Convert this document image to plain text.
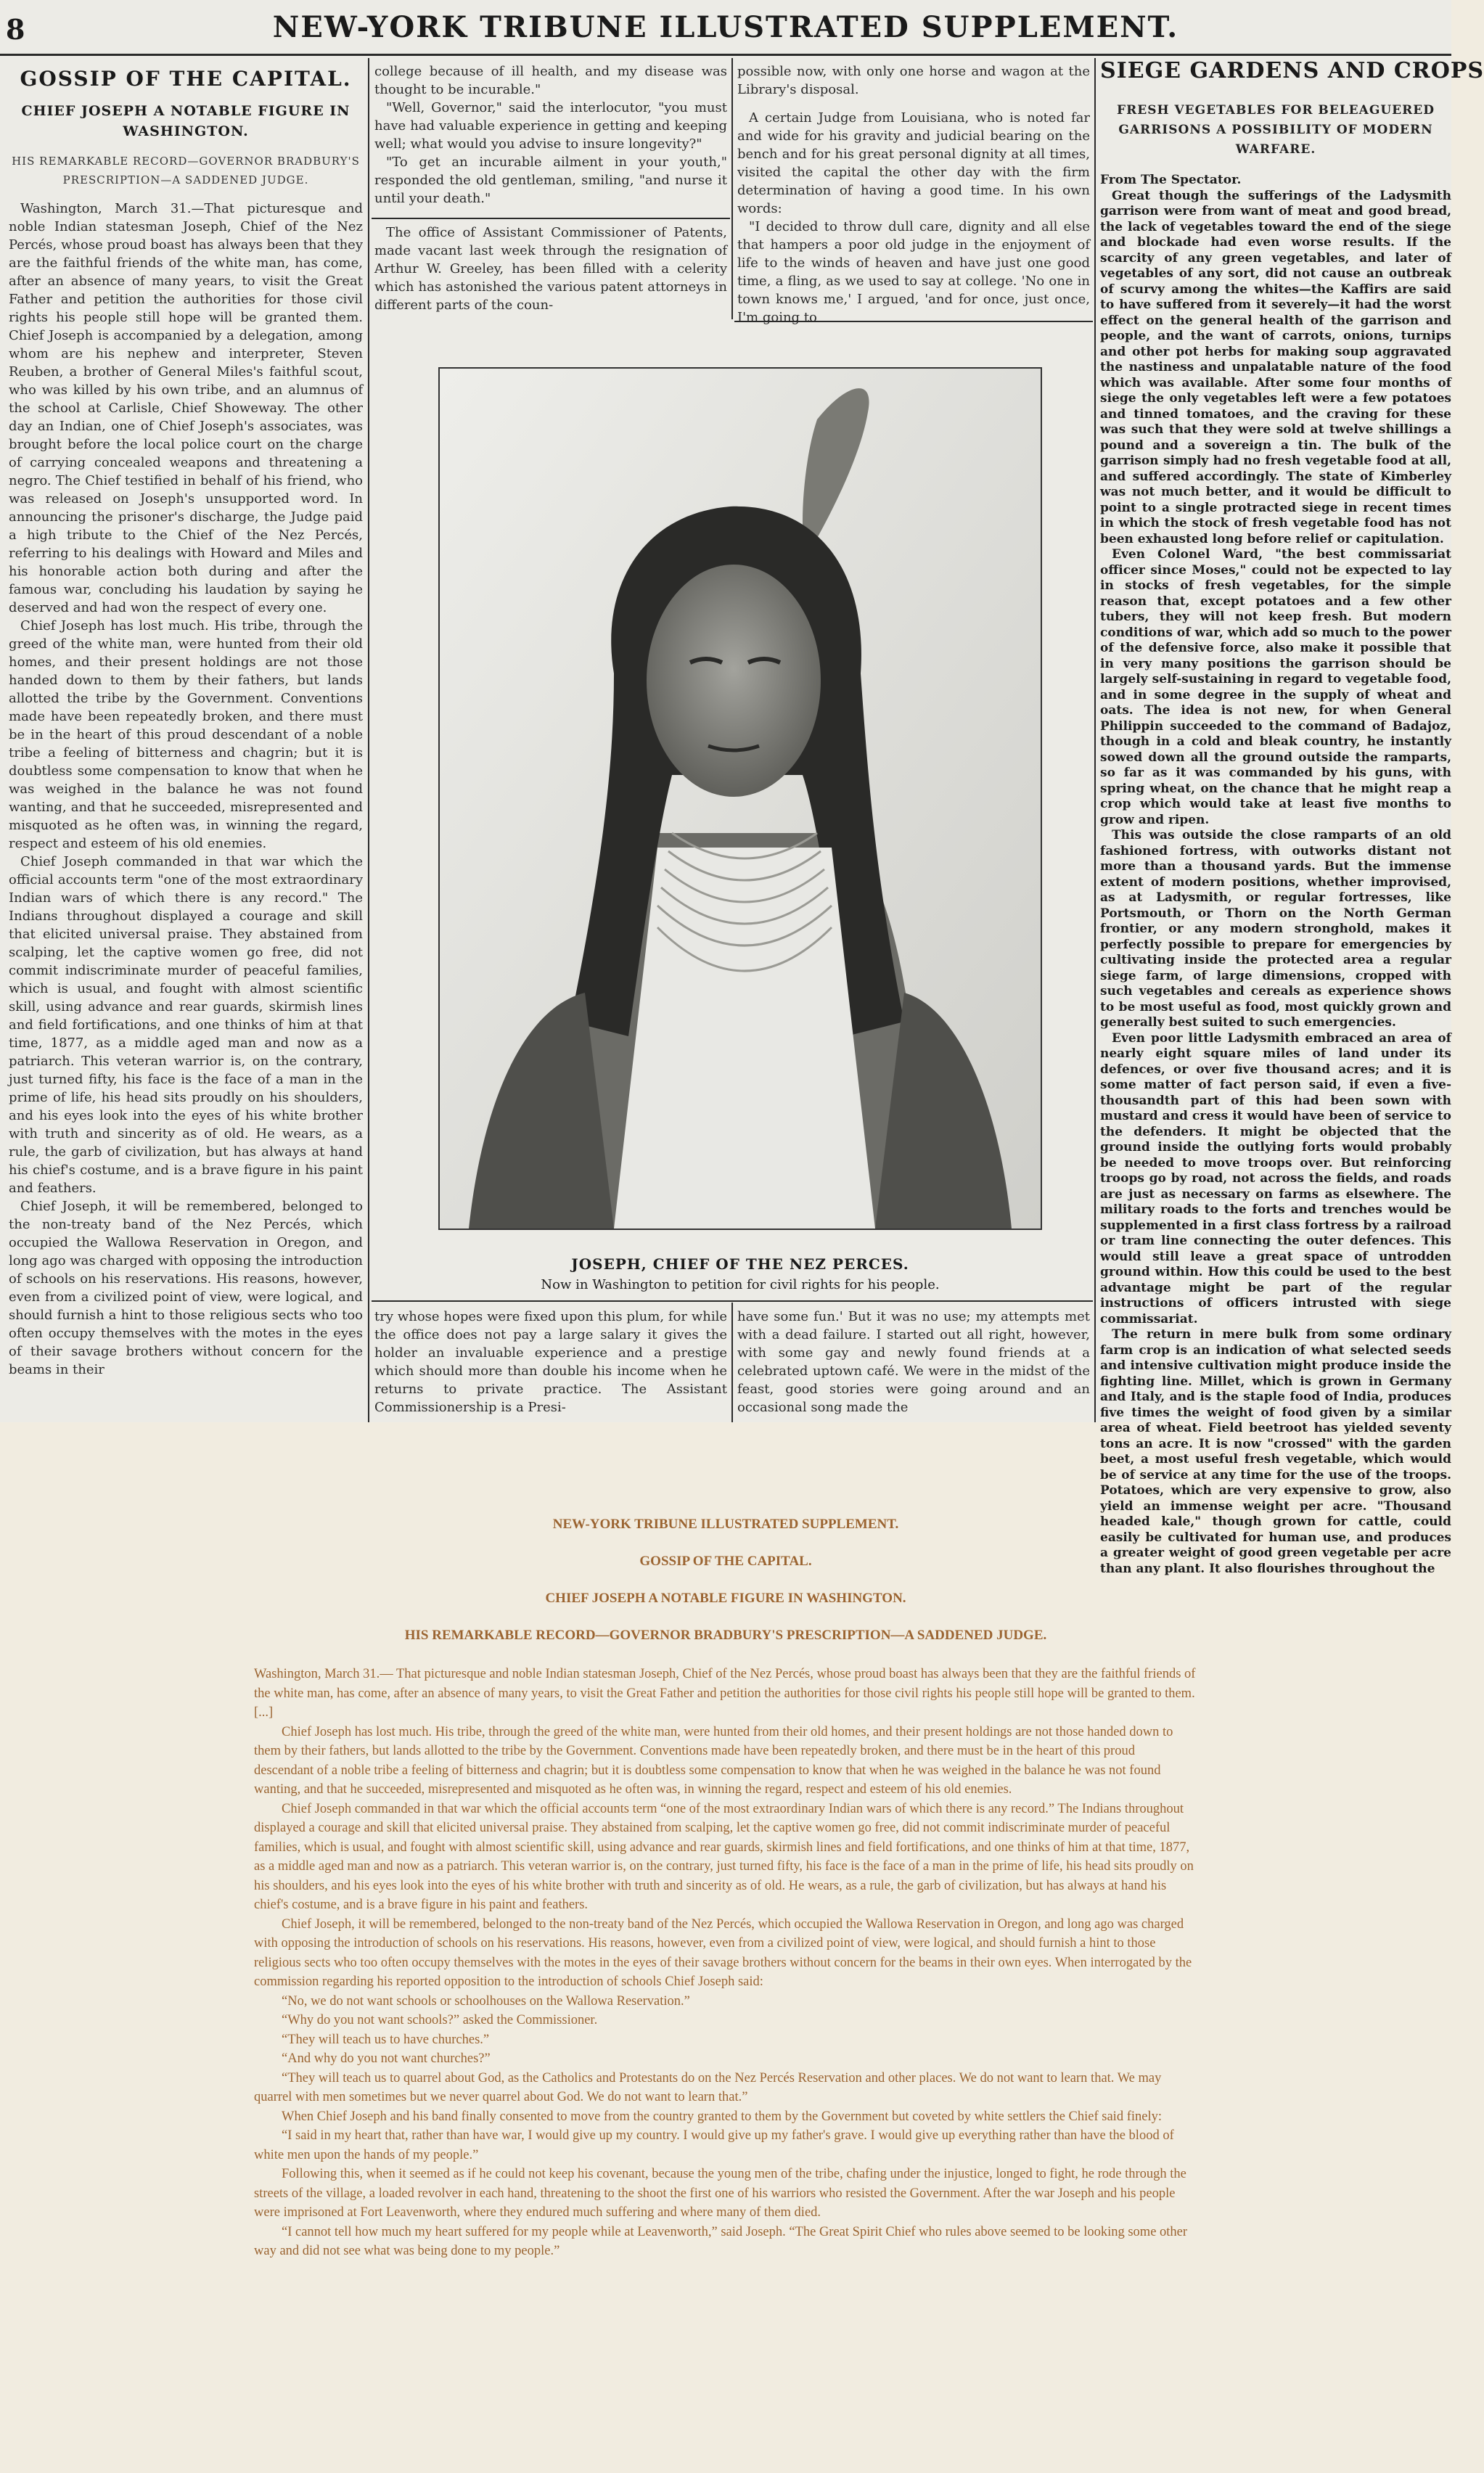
8	NEW-YORK TRIBUNE ILLUSTRATED SUPPLEMENT.
GOSSIP OF THE CAPITAL.
CHIEF JOSEPH A NOTABLE FIGURE IN WASHINGTON.
HIS REMARKABLE RECORD—GOVERNOR BRADBURY'S PRESCRIPTION—A SADDENED JUDGE.

Washington, March 31.—That picturesque and noble Indian statesman Joseph, Chief of the Nez Percés, whose proud boast has always been that they are the faithful friends of the white man, has come, after an absence of many years, to visit the Great Father and petition the authorities for those civil rights his people still hope will be granted them. Chief Joseph is accompanied by a delegation, among whom are his nephew and interpreter, Steven Reuben, a brother of General Miles's faithful scout, who was killed by his own tribe, and an alumnus of the school at Carlisle, Chief Showeway. The other day an Indian, one of Chief Joseph's associates, was brought before the local police court on the charge of carrying concealed weapons and threatening a negro. The Chief testified in behalf of his friend, who was released on Joseph's unsupported word. In announcing the prisoner's discharge, the Judge paid a high tribute to the Chief of the Nez Percés, referring to his dealings with Howard and Miles and his honorable action both during and after the famous war, concluding his laudation by saying he deserved and had won the respect of every one.

Chief Joseph has lost much. His tribe, through the greed of the white man, were hunted from their old homes, and their present holdings are not those handed down to them by their fathers, but lands allotted the tribe by the Government. Conventions made have been repeatedly broken, and there must be in the heart of this proud descendant of a noble tribe a feeling of bitterness and chagrin; but it is doubtless some compensation to know that when he was weighed in the balance he was not found wanting, and that he succeeded, misrepresented and misquoted as he often was, in winning the regard, respect and esteem of his old enemies.

Chief Joseph commanded in that war which the official accounts term "one of the most extraordinary Indian wars of which there is any record." The Indians throughout displayed a courage and skill that elicited universal praise. They abstained from scalping, let the captive women go free, did not commit indiscriminate murder of peaceful families, which is usual, and fought with almost scientific skill, using advance and rear guards, skirmish lines and field fortifications, and one thinks of him at that time, 1877, as a middle aged man and now as a patriarch. This veteran warrior is, on the contrary, just turned fifty, his face is the face of a man in the prime of life, his head sits proudly on his shoulders, and his eyes look into the eyes of his white brother with truth and sincerity as of old. He wears, as a rule, the garb of civilization, but has always at hand his chief's costume, and is a brave figure in his paint and feathers.

Chief Joseph, it will be remembered, belonged to the non-treaty band of the Nez Percés, which occupied the Wallowa Reservation in Oregon, and long ago was charged with opposing the introduction of schools on his reservations. His reasons, however, even from a civilized point of view, were logical, and should furnish a hint to those religious sects who too often occupy themselves with the motes in the eyes of their savage brothers without concern for the beams in their

college because of ill health, and my disease was thought to be incurable."

"Well, Governor," said the interlocutor, "you must have had valuable experience in getting and keeping well; what would you advise to insure longevity?"

"To get an incurable ailment in your youth," responded the old gentleman, smiling, "and nurse it until your death."

The office of Assistant Commissioner of Patents, made vacant last week through the resignation of Arthur W. Greeley, has been filled with a celerity which has astonished the various patent attorneys in different parts of the coun-

possible now, with only one horse and wagon at the Library's disposal.

A certain Judge from Louisiana, who is noted far and wide for his gravity and judicial bearing on the bench and for his great personal dignity at all times, visited the capital the other day with the firm determination of having a good time. In his own words:

"I decided to throw dull care, dignity and all else that hampers a poor old judge in the enjoyment of life to the winds of heaven and have just one good time, a fling, as we used to say at college. 'No one in town knows me,' I argued, 'and for once, just once, I'm going to

JOSEPH, CHIEF OF THE NEZ PERCES.
Now in Washington to petition for civil rights for his people.

try whose hopes were fixed upon this plum, for while the office does not pay a large salary it gives the holder an invaluable experience and a prestige which should more than double his income when he returns to private practice. The Assistant Commissionership is a Presi-

have some fun.' But it was no use; my attempts met with a dead failure. I started out all right, however, with some gay and newly found friends at a celebrated uptown café. We were in the midst of the feast, good stories were going around and an occasional song made the

SIEGE GARDENS AND CROPS
FRESH VEGETABLES FOR BELEAGUERED GARRISONS A POSSIBILITY OF MODERN WARFARE.

From The Spectator.

Great though the sufferings of the Ladysmith garrison were from want of meat and good bread, the lack of vegetables toward the end of the siege and blockade had even worse results. If the scarcity of any green vegetables, and later of vegetables of any sort, did not cause an outbreak of scurvy among the whites—the Kaffirs are said to have suffered from it severely—it had the worst effect on the general health of the garrison and people, and the want of carrots, onions, turnips and other pot herbs for making soup aggravated the nastiness and unpalatable nature of the food which was available. After some four months of siege the only vegetables left were a few potatoes and tinned tomatoes, and the craving for these was such that they were sold at twelve shillings a pound and a sovereign a tin. The bulk of the garrison simply had no fresh vegetable food at all, and suffered accordingly. The state of Kimberley was not much better, and it would be difficult to point to a single protracted siege in recent times in which the stock of fresh vegetable food has not been exhausted long before relief or capitulation.

Even Colonel Ward, "the best commissariat officer since Moses," could not be expected to lay in stocks of fresh vegetables, for the simple reason that, except potatoes and a few other tubers, they will not keep fresh. But modern conditions of war, which add so much to the power of the defensive force, also make it possible that in very many positions the garrison should be largely self-sustaining in regard to vegetable food, and in some degree in the supply of wheat and oats. The idea is not new, for when General Philippin succeeded to the command of Badajoz, though in a cold and bleak country, he instantly sowed down all the ground outside the ramparts, so far as it was commanded by his guns, with spring wheat, on the chance that he might reap a crop which would take at least five months to grow and ripen.

This was outside the close ramparts of an old fashioned fortress, with outworks distant not more than a thousand yards. But the immense extent of modern positions, whether improvised, as at Ladysmith, or regular fortresses, like Portsmouth, or Thorn on the North German frontier, or any modern stronghold, makes it perfectly possible to prepare for emergencies by cultivating inside the protected area a regular siege farm, of large dimensions, cropped with such vegetables and cereals as experience shows to be most useful as food, most quickly grown and generally best suited to such emergencies.

Even poor little Ladysmith embraced an area of nearly eight square miles of land under its defences, or over five thousand acres; and it is some matter of fact person said, if even a five-thousandth part of this had been sown with mustard and cress it would have been of service to the defenders. It might be objected that the ground inside the outlying forts would probably be needed to move troops over. But reinforcing troops go by road, not across the fields, and roads are just as necessary on farms as elsewhere. The military roads to the forts and trenches would be supplemented in a first class fortress by a railroad or tram line connecting the outer defences. This would still leave a great space of untrodden ground within. How this could be used to the best advantage might be part of the regular instructions of officers intrusted with siege commissariat.

The return in mere bulk from some ordinary farm crop is an indication of what selected seeds and intensive cultivation might produce inside the fighting line. Millet, which is grown in Germany and Italy, and is the staple food of India, produces five times the weight of food given by a similar area of wheat. Field beetroot has yielded seventy tons an acre. It is now "crossed" with the garden beet, a most useful fresh vegetable, which would be of service at any time for the use of the troops. Potatoes, which are very expensive to grow, also yield an immense weight per acre. "Thousand headed kale," though grown for cattle, could easily be cultivated for human use, and produces a greater weight of good green vegetable per acre than any plant. It also flourishes throughout the

NEW-YORK TRIBUNE ILLUSTRATED SUPPLEMENT.
GOSSIP OF THE CAPITAL.
CHIEF JOSEPH A NOTABLE FIGURE IN WASHINGTON.
HIS REMARKABLE RECORD—GOVERNOR BRADBURY'S PRESCRIPTION—A SADDENED JUDGE.

Washington, March 31.— That picturesque and noble Indian statesman Joseph, Chief of the Nez Percés, whose proud boast has always been that they are the faithful friends of the white man, has come, after an absence of many years, to visit the Great Father and petition the authorities for those civil rights his people still hope will be granted to them. [...]

Chief Joseph has lost much. His tribe, through the greed of the white man, were hunted from their old homes, and their present holdings are not those handed down to them by their fathers, but lands allotted to the tribe by the Government. Conventions made have been repeatedly broken, and there must be in the heart of this proud descendant of a noble tribe a feeling of bitterness and chagrin; but it is doubtless some compensation to know that when he was weighed in the balance he was not found wanting, and that he succeeded, misrepresented and misquoted as he often was, in winning the regard, respect and esteem of his old enemies.

Chief Joseph commanded in that war which the official accounts term “one of the most extraordinary Indian wars of which there is any record.” The Indians throughout displayed a courage and skill that elicited universal praise. They abstained from scalping, let the captive women go free, did not commit indiscriminate murder of peaceful families, which is usual, and fought with almost scientific skill, using advance and rear guards, skirmish lines and field fortifications, and one thinks of him at that time, 1877, as a middle aged man and now as a patriarch. This veteran warrior is, on the contrary, just turned fifty, his face is the face of a man in the prime of life, his head sits proudly on his shoulders, and his eyes look into the eyes of his white brother with truth and sincerity as of old. He wears, as a rule, the garb of civilization, but has always at hand his chief's costume, and is a brave figure in his paint and feathers.

Chief Joseph, it will be remembered, belonged to the non-treaty band of the Nez Percés, which occupied the Wallowa Reservation in Oregon, and long ago was charged with opposing the introduction of schools on his reservations. His reasons, however, even from a civilized point of view, were logical, and should furnish a hint to those religious sects who too often occupy themselves with the motes in the eyes of their savage brothers without concern for the beams in their own eyes. When interrogated by the commission regarding his reported opposition to the introduction of schools Chief Joseph said:

“No, we do not want schools or schoolhouses on the Wallowa Reservation.”

“Why do you not want schools?” asked the Commissioner.

“They will teach us to have churches.”

“And why do you not want churches?”

“They will teach us to quarrel about God, as the Catholics and Protestants do on the Nez Percés Reservation and other places. We do not want to learn that. We may quarrel with men sometimes but we never quarrel about God. We do not want to learn that.”

When Chief Joseph and his band finally consented to move from the country granted to them by the Government but coveted by white settlers the Chief said finely:

“I said in my heart that, rather than have war, I would give up my country. I would give up my father's grave. I would give up everything rather than have the blood of white men upon the hands of my people.”

Following this, when it seemed as if he could not keep his covenant, because the young men of the tribe, chafing under the injustice, longed to fight, he rode through the streets of the village, a loaded revolver in each hand, threatening to the shoot the first one of his warriors who resisted the Government. After the war Joseph and his people were imprisoned at Fort Leavenworth, where they endured much suffering and where many of them died.

“I cannot tell how much my heart suffered for my people while at Leavenworth,” said Joseph. “The Great Spirit Chief who rules above seemed to be looking some other way and did not see what was being done to my people.”
